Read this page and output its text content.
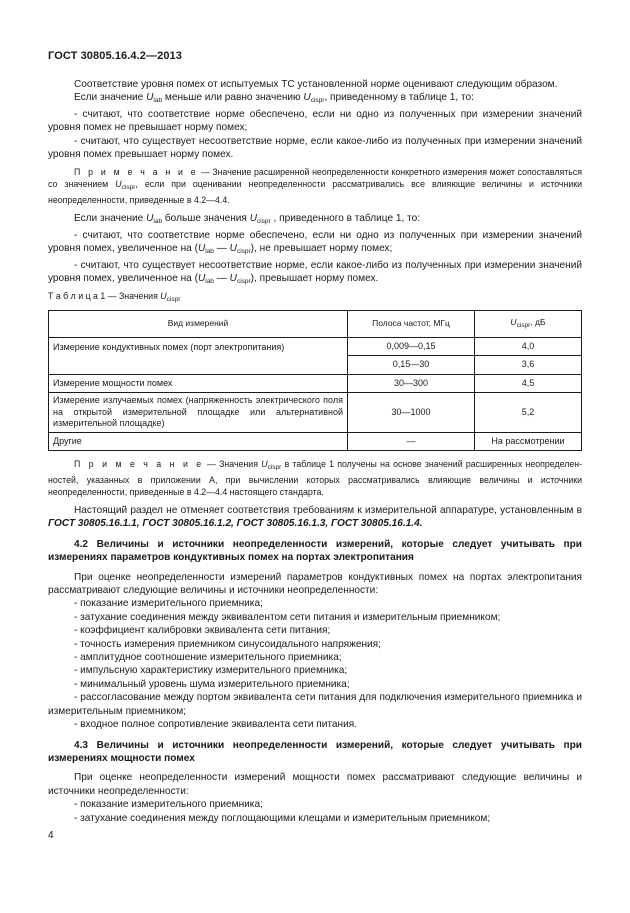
ГОСТ 30805.16.4.2—2013

Соответствие уровня помех от испытуемых ТС установленной норме оценивают следующим образом.

Если значение $U_{lab}$ меньше или равно значению $U_{cispr}$, приведенному в таблице 1, то:

- считают, что соответствие норме обеспечено, если ни одно из полученных при измерении значений уровня помех не превышает норму помех;

- считают, что существует несоответствие норме, если какое-либо из полученных при измерении значений уровня помех превышает норму помех.

П р и м е ч а н и е — Значение расширенной неопределенности конкретного измерения может сопоставляться со значением $U_{cispr}$, если при оценивании неопределенности рассматривались все влияющие величины и источники неопределенности, приведенные в 4.2—4.4.

Если значение $U_{lab}$ больше значения $U_{cispr}$ , приведенного в таблице 1, то:

- считают, что соответствие норме обеспечено, если ни одно из полученных при измерении значений уровня помех, увеличенное на ($U_{lab}$ — $U_{cispr}$), не превышает норму помех;

- считают, что существует несоответствие норме, если какое-либо из полученных при измерении значений уровня помех, увеличенное на ($U_{lab}$ — $U_{cispr}$), превышает норму помех.

Т а б л и ц а 1 — Значения $U_{cispr}$
Вид измерений	Полоса частот, МГц	$U_{cispr}$, дБ
Измерение кондуктивных помех (порт электропитания)	0,009—0,15	4,0
	0,15—30	3,6
Измерение мощности помех	30—300	4,5
Измерение излучаемых помех (напряженность электрического поля на открытой измерительной площадке или альтернативной измерительной площадке)	30—1000	5,2
Другие	—	На рассмотрении

П р и м е ч а н и е — Значения $U_{cispr}$ в таблице 1 получены на основе значений расширенных неопределенностей, указанных в приложении А, при вычислении которых рассматривались влияющие величины и источники неопределенности, приведенные в 4.2—4.4 настоящего стандарта.

Настоящий раздел не отменяет соответствия требованиям к измерительной аппаратуре, установленным в ГОСТ 30805.16.1.1, ГОСТ 30805.16.1.2, ГОСТ 30805.16.1.3, ГОСТ 30805.16.1.4.

4.2 Величины и источники неопределенности измерений, которые следует учитывать при измерениях параметров кондуктивных помех на портах электропитания

При оценке неопределенности измерений параметров кондуктивных помех на портах электропитания рассматривают следующие величины и источники неопределенности:

- показание измерительного приемника;

- затухание соединения между эквивалентом сети питания и измерительным приемником;

- коэффициент калибровки эквивалента сети питания;

- точность измерения приемником синусоидального напряжения;

- амплитудное соотношение измерительного приемника;

- импульсную характеристику измерительного приемника;

- минимальный уровень шума измерительного приемника;

- рассогласование между портом эквивалента сети питания для подключения измерительного приемника и измерительным приемником;

- входное полное сопротивление эквивалента сети питания.

4.3 Величины и источники неопределенности измерений, которые следует учитывать при измерениях мощности помех

При оценке неопределенности измерений мощности помех рассматривают следующие величины и источники неопределенности:

- показание измерительного приемника;

- затухание соединения между поглощающими клещами и измерительным приемником;

4
